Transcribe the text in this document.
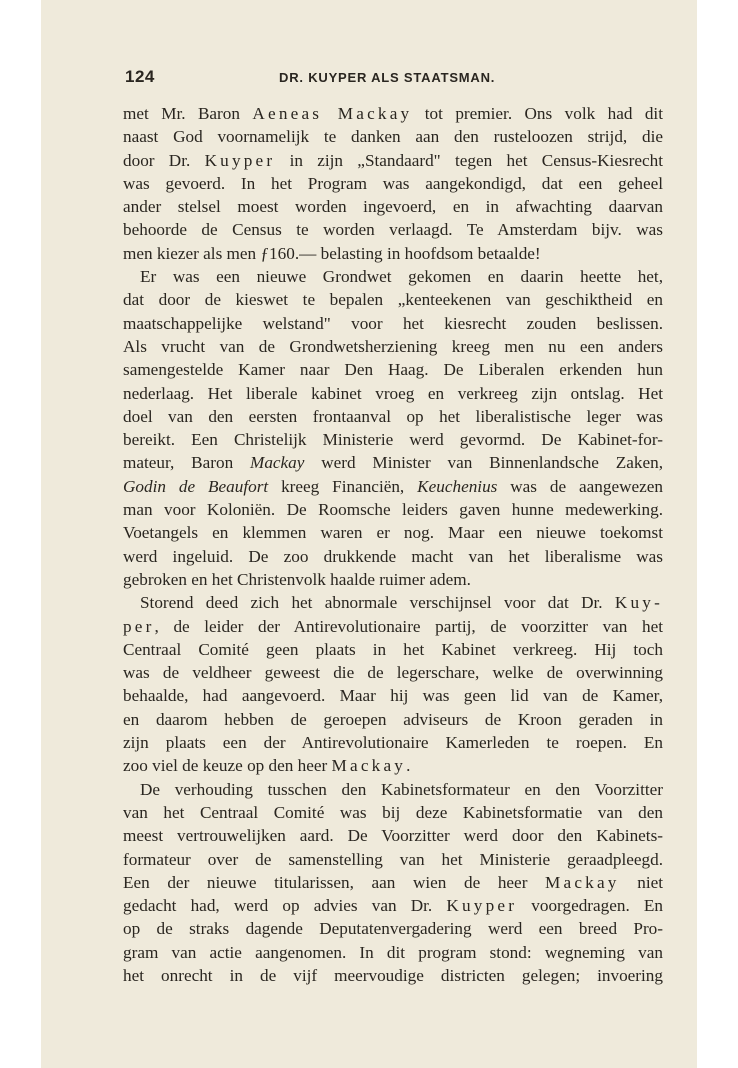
124	DR. KUYPER ALS STAATSMAN.
met Mr. Baron Aeneas Mackay tot premier. Ons volk had dit
naast God voornamelijk te danken aan den rusteloozen strijd, die
door Dr. Kuyper in zijn „Standaard" tegen het Census-Kiesrecht
was gevoerd. In het Program was aangekondigd, dat een geheel
ander stelsel moest worden ingevoerd, en in afwachting daarvan
behoorde de Census te worden verlaagd. Te Amsterdam bijv. was
men kiezer als men ƒ160.— belasting in hoofdsom betaalde!
Er was een nieuwe Grondwet gekomen en daarin heette het,
dat door de kieswet te bepalen „kenteekenen van geschiktheid en
maatschappelijke welstand" voor het kiesrecht zouden beslissen.
Als vrucht van de Grondwetsherziening kreeg men nu een anders
samengestelde Kamer naar Den Haag. De Liberalen erkenden hun
nederlaag. Het liberale kabinet vroeg en verkreeg zijn ontslag. Het
doel van den eersten frontaanval op het liberalistische leger was
bereikt. Een Christelijk Ministerie werd gevormd. De Kabinet-for-
mateur, Baron Mackay werd Minister van Binnenlandsche Zaken,
Godin de Beaufort kreeg Financiën, Keuchenius was de aangewezen
man voor Koloniën. De Roomsche leiders gaven hunne medewerking.
Voetangels en klemmen waren er nog. Maar een nieuwe toekomst
werd ingeluid. De zoo drukkende macht van het liberalisme was
gebroken en het Christenvolk haalde ruimer adem.
Storend deed zich het abnormale verschijnsel voor dat Dr. Kuy-
per, de leider der Antirevolutionaire partij, de voorzitter van het
Centraal Comité geen plaats in het Kabinet verkreeg. Hij toch
was de veldheer geweest die de legerschare, welke de overwinning
behaalde, had aangevoerd. Maar hij was geen lid van de Kamer,
en daarom hebben de geroepen adviseurs de Kroon geraden in
zijn plaats een der Antirevolutionaire Kamerleden te roepen. En
zoo viel de keuze op den heer Mackay.
De verhouding tusschen den Kabinetsformateur en den Voorzitter
van het Centraal Comité was bij deze Kabinetsformatie van den
meest vertrouwelijken aard. De Voorzitter werd door den Kabinets-
formateur over de samenstelling van het Ministerie geraadpleegd.
Een der nieuwe titularissen, aan wien de heer Mackay niet
gedacht had, werd op advies van Dr. Kuyper voorgedragen. En
op de straks dagende Deputatenvergadering werd een breed Pro-
gram van actie aangenomen. In dit program stond: wegneming van
het onrecht in de vijf meervoudige districten gelegen; invoering
